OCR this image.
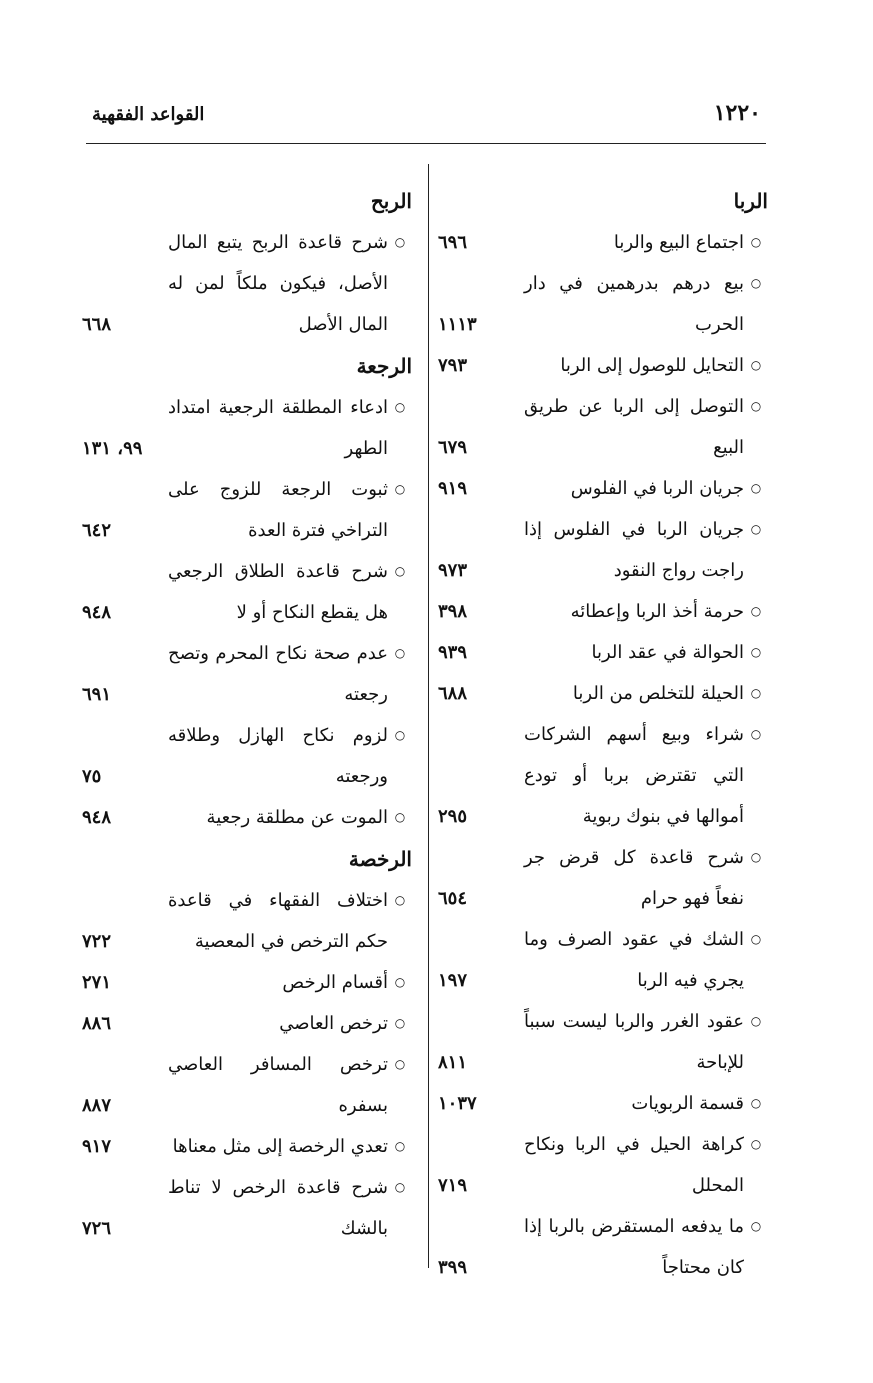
١٢٢٠
القواعد الفقهية
الربا
○
اجتماع البيع والربا
٦٩٦
○
بيع درهم بدرهمين في دار الحرب
١١١٣
○
التحايل للوصول إلى الربا
٧٩٣
○
التوصل إلى الربا عن طريق البيع
٦٧٩
○
جريان الربا في الفلوس
٩١٩
○
جريان الربا في الفلوس إذا راجت رواج النقود
٩٧٣
○
حرمة أخذ الربا وإعطائه
٣٩٨
○
الحوالة في عقد الربا
٩٣٩
○
الحيلة للتخلص من الربا
٦٨٨
○
شراء وبيع أسهم الشركات التي تقترض بربا أو تودع أموالها في بنوك ربوية
٢٩٥
○
شرح قاعدة كل قرض جر نفعاً فهو حرام
٦٥٤
○
الشك في عقود الصرف وما يجري فيه الربا
١٩٧
○
عقود الغرر والربا ليست سبباً للإباحة
٨١١
○
قسمة الربويات
١٠٣٧
○
كراهة الحيل في الربا ونكاح المحلل
٧١٩
○
ما يدفعه المستقرض بالربا إذا كان محتاجاً
٣٩٩
الربح
○
شرح قاعدة الربح يتبع المال الأصل، فيكون ملكاً لمن له المال الأصل
٦٦٨
الرجعة
○
ادعاء المطلقة الرجعية امتداد الطهر
٩٩، ١٣١
○
ثبوت الرجعة للزوج على التراخي فترة العدة
٦٤٢
○
شرح قاعدة الطلاق الرجعي هل يقطع النكاح أو لا
٩٤٨
○
عدم صحة نكاح المحرم وتصح رجعته
٦٩١
○
لزوم نكاح الهازل وطلاقه ورجعته
٧٥
○
الموت عن مطلقة رجعية
٩٤٨
الرخصة
○
اختلاف الفقهاء في قاعدة حكم الترخص في المعصية
٧٢٢
○
أقسام الرخص
٢٧١
○
ترخص العاصي
٨٨٦
○
ترخص المسافر العاصي بسفره
٨٨٧
○
تعدي الرخصة إلى مثل معناها
٩١٧
○
شرح قاعدة الرخص لا تناط بالشك
٧٢٦
